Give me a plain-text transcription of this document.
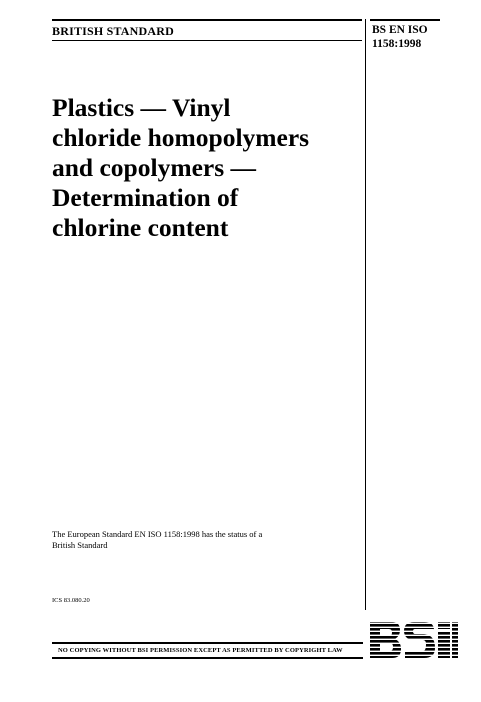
BRITISH STANDARD	BS EN ISO
1158:1998
Plastics — Vinyl
chloride homopolymers
and copolymers —
Determination of
chlorine content
The European Standard EN ISO 1158:1998 has the status of a
British Standard
ICS 83.080.20
NO COPYING WITHOUT BSI PERMISSION EXCEPT AS PERMITTED BY COPYRIGHT LAW
